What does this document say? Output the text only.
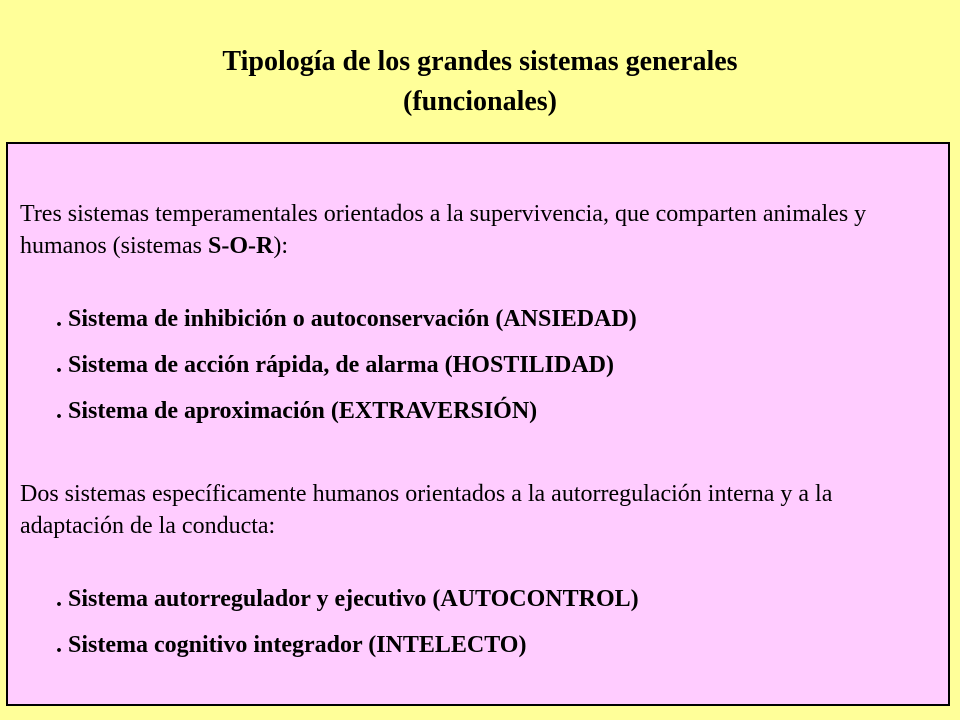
Tipología de los grandes sistemas generales
(funcionales)
Tres sistemas temperamentales orientados a la supervivencia, que comparten animales y humanos (sistemas S-O-R):
. Sistema de inhibición o autoconservación (ANSIEDAD)
. Sistema de acción rápida, de alarma (HOSTILIDAD)
. Sistema de aproximación (EXTRAVERSIÓN)
Dos sistemas específicamente humanos orientados a la autorregulación interna y a la adaptación de la conducta:
. Sistema autorregulador y ejecutivo (AUTOCONTROL)
. Sistema cognitivo integrador (INTELECTO)
